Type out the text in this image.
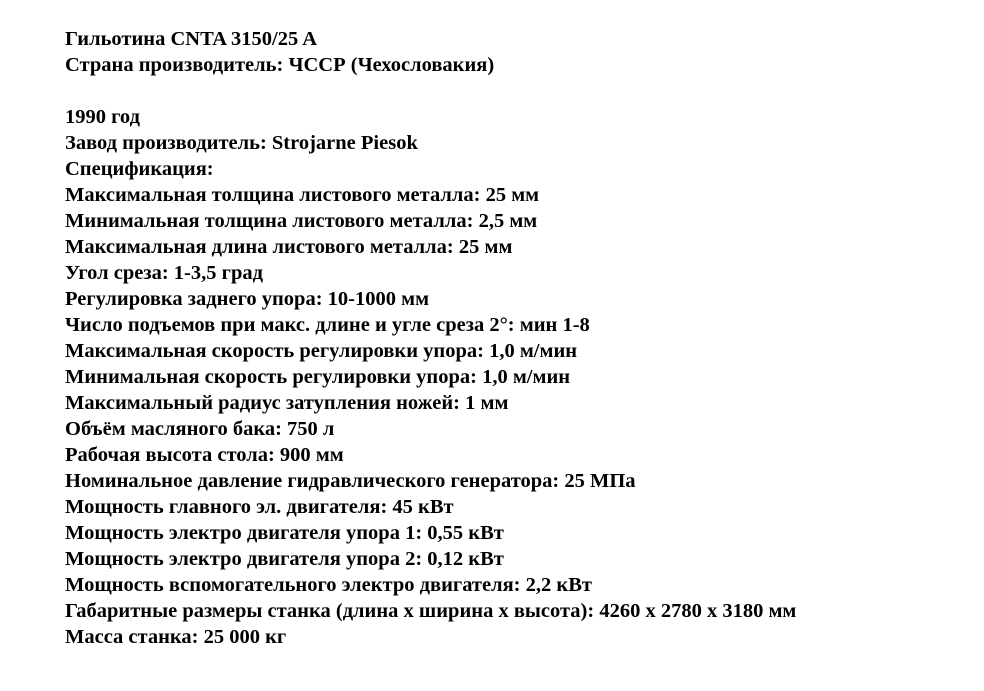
Гильотина CNTA 3150/25 A
Страна производитель: ЧССР (Чехословакия)
1990 год
Завод производитель: Strojarne Piesok
Спецификация:
Максимальная толщина листового металла: 25 мм
Минимальная толщина листового металла: 2,5 мм
Максимальная длина листового металла: 25 мм
Угол среза: 1-3,5 град
Регулировка заднего упора: 10-1000 мм
Число подъемов при макс. длине и угле среза 2°: мин 1-8
Максимальная скорость регулировки упора: 1,0 м/мин
Минимальная скорость регулировки упора: 1,0 м/мин
Максимальный радиус затупления ножей: 1 мм
Объём масляного бака: 750 л
Рабочая высота стола: 900 мм
Номинальное давление гидравлического генератора: 25 МПа
Мощность главного эл. двигателя: 45 кВт
Мощность электро двигателя упора 1: 0,55 кВт
Мощность электро двигателя упора 2: 0,12 кВт
Мощность вспомогательного электро двигателя: 2,2 кВт
Габаритные размеры станка (длина х ширина х высота): 4260 х 2780 х 3180 мм
Масса станка: 25 000 кг
